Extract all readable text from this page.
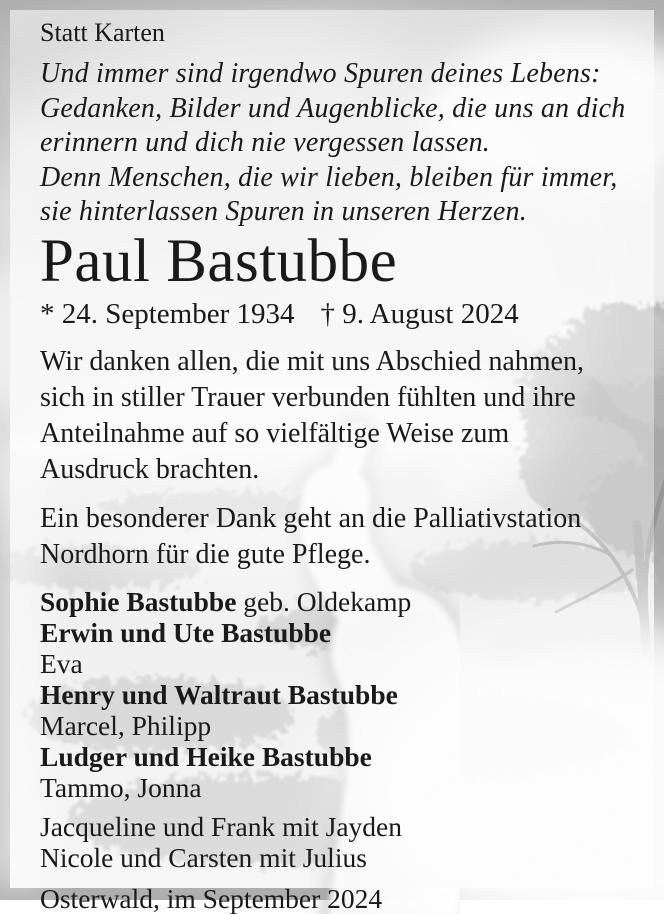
Statt Karten
Und immer sind irgendwo Spuren deines Lebens:
Gedanken, Bilder und Augenblicke, die uns an dich
erinnern und dich nie vergessen lassen.
Denn Menschen, die wir lieben, bleiben für immer,
sie hinterlassen Spuren in unseren Herzen.
Paul Bastubbe
* 24. September 1934 † 9. August 2024
Wir danken allen, die mit uns Abschied nahmen,
sich in stiller Trauer verbunden fühlten und ihre
Anteilnahme auf so vielfältige Weise zum
Ausdruck brachten.
Ein besonderer Dank geht an die Palliativstation
Nordhorn für die gute Pflege.
Sophie Bastubbe geb. Oldekamp
Erwin und Ute Bastubbe
Eva
Henry und Waltraut Bastubbe
Marcel, Philipp
Ludger und Heike Bastubbe
Tammo, Jonna
Jacqueline und Frank mit Jayden
Nicole und Carsten mit Julius
Osterwald, im September 2024
